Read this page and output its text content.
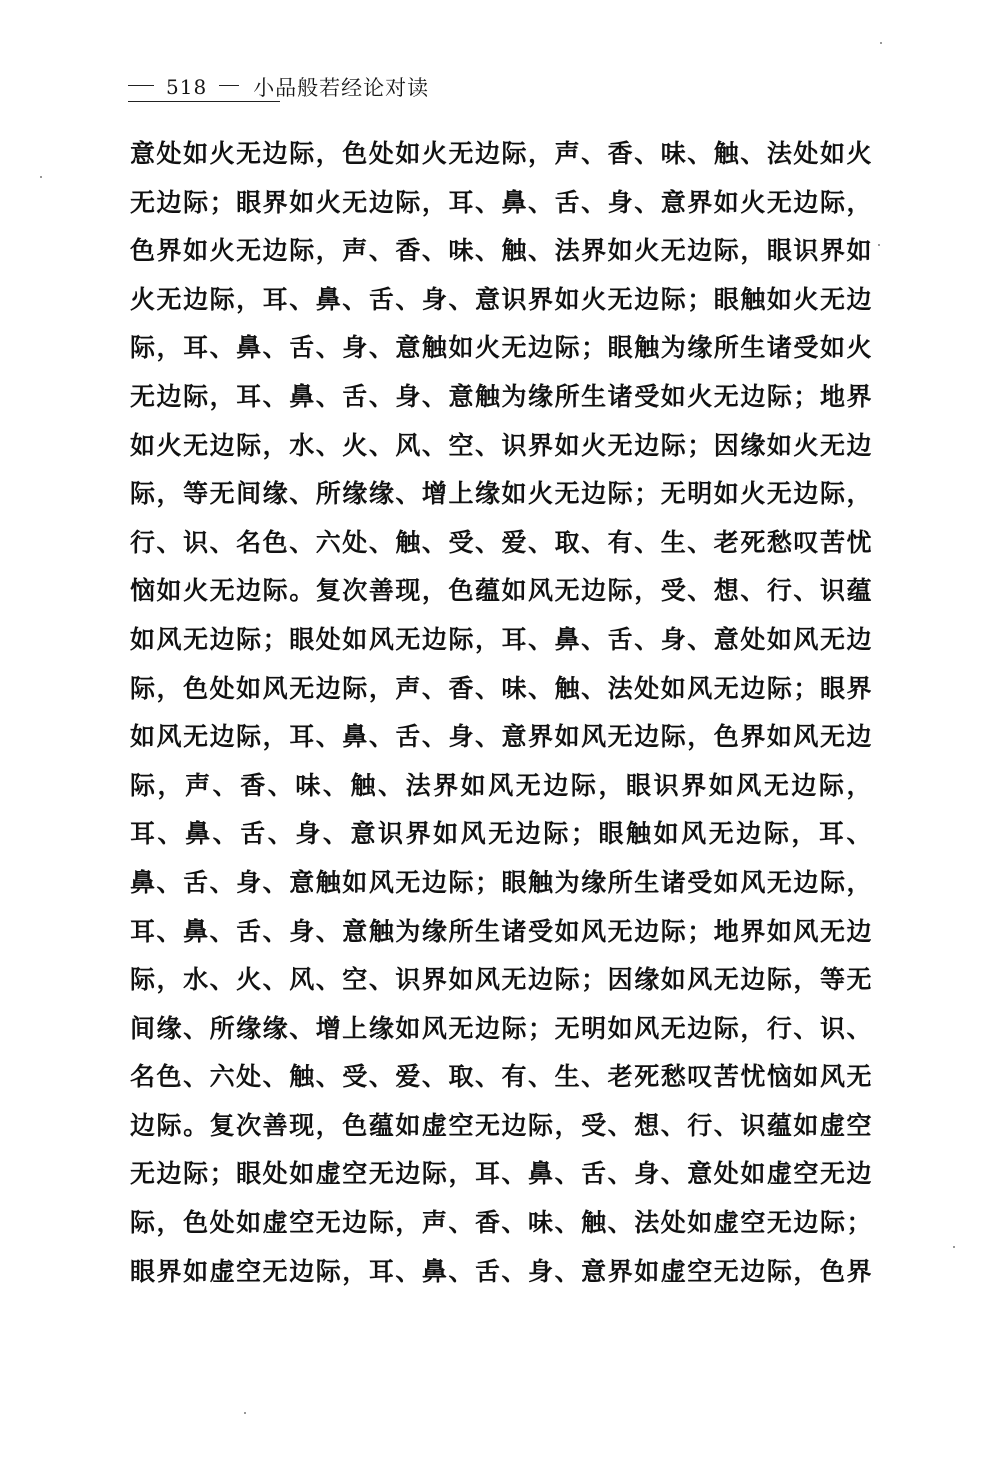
518 小品般若经论对读
意处如火无边际，色处如火无边际，声、香、味、触、法处如火
无边际；眼界如火无边际，耳、鼻、舌、身、意界如火无边际，
色界如火无边际，声、香、味、触、法界如火无边际，眼识界如
火无边际，耳、鼻、舌、身、意识界如火无边际；眼触如火无边
际，耳、鼻、舌、身、意触如火无边际；眼触为缘所生诸受如火
无边际，耳、鼻、舌、身、意触为缘所生诸受如火无边际；地界
如火无边际，水、火、风、空、识界如火无边际；因缘如火无边
际，等无间缘、所缘缘、增上缘如火无边际；无明如火无边际，
行、识、名色、六处、触、受、爱、取、有、生、老死愁叹苦忧
恼如火无边际。复次善现，色蕴如风无边际，受、想、行、识蕴
如风无边际；眼处如风无边际，耳、鼻、舌、身、意处如风无边
际，色处如风无边际，声、香、味、触、法处如风无边际；眼界
如风无边际，耳、鼻、舌、身、意界如风无边际，色界如风无边
际，声、香、味、触、法界如风无边际，眼识界如风无边际，
耳、鼻、舌、身、意识界如风无边际；眼触如风无边际，耳、
鼻、舌、身、意触如风无边际；眼触为缘所生诸受如风无边际，
耳、鼻、舌、身、意触为缘所生诸受如风无边际；地界如风无边
际，水、火、风、空、识界如风无边际；因缘如风无边际，等无
间缘、所缘缘、增上缘如风无边际；无明如风无边际，行、识、
名色、六处、触、受、爱、取、有、生、老死愁叹苦忧恼如风无
边际。复次善现，色蕴如虚空无边际，受、想、行、识蕴如虚空
无边际；眼处如虚空无边际，耳、鼻、舌、身、意处如虚空无边
际，色处如虚空无边际，声、香、味、触、法处如虚空无边际；
眼界如虚空无边际，耳、鼻、舌、身、意界如虚空无边际，色界
